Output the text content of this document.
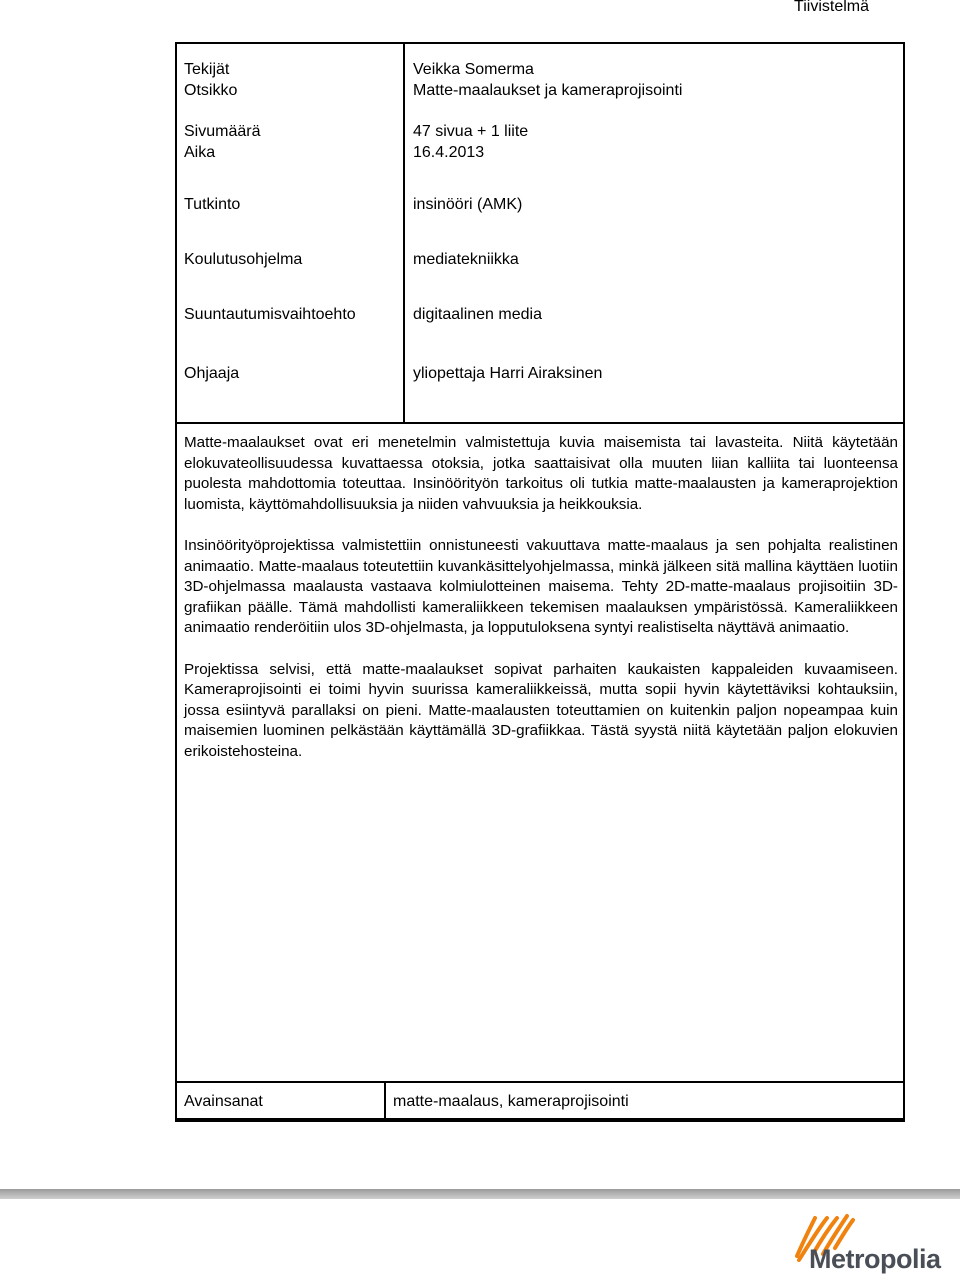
Tiivistelmä
Tekijät	Veikka Somerma
Otsikko	Matte-maalaukset ja kameraprojisointi
Sivumäärä	47 sivua + 1 liite
Aika	16.4.2013
Tutkinto	insinööri (AMK)
Koulutusohjelma	mediatekniikka
Suuntautumisvaihtoehto	digitaalinen media
Ohjaaja	yliopettaja Harri Airaksinen

Matte-maalaukset ovat eri menetelmin valmistettuja kuvia maisemista tai lavasteita. Niitä käytetään elokuvateollisuudessa kuvattaessa otoksia, jotka saattaisivat olla muuten liian kalliita tai luonteensa puolesta mahdottomia toteuttaa. Insinöörityön tarkoitus oli tutkia matte-maalausten ja kameraprojektion luomista, käyttömahdollisuuksia ja niiden vahvuuksia ja heikkouksia.

Insinöörityöprojektissa valmistettiin onnistuneesti vakuuttava matte-maalaus ja sen pohjalta realistinen animaatio. Matte-maalaus toteutettiin kuvankäsittelyohjelmassa, minkä jälkeen sitä mallina käyttäen luotiin 3D-ohjelmassa maalausta vastaava kolmiulotteinen maisema. Tehty 2D-matte-maalaus projisoitiin 3D-grafiikan päälle. Tämä mahdollisti kameraliikkeen tekemisen maalauksen ympäristössä. Kameraliikkeen animaatio renderöitiin ulos 3D-ohjelmasta, ja lopputuloksena syntyi realistiselta näyttävä animaatio.

Projektissa selvisi, että matte-maalaukset sopivat parhaiten kaukaisten kappaleiden kuvaamiseen. Kameraprojisointi ei toimi hyvin suurissa kameraliikkeissä, mutta sopii hyvin käytettäviksi kohtauksiin, jossa esiintyvä parallaksi on pieni. Matte-maalausten toteuttamien on kuitenkin paljon nopeampaa kuin maisemien luominen pelkästään käyttämällä 3D-grafiikkaa. Tästä syystä niitä käytetään paljon elokuvien erikoistehosteina.

Avainsanat	matte-maalaus, kameraprojisointi
Metropolia
